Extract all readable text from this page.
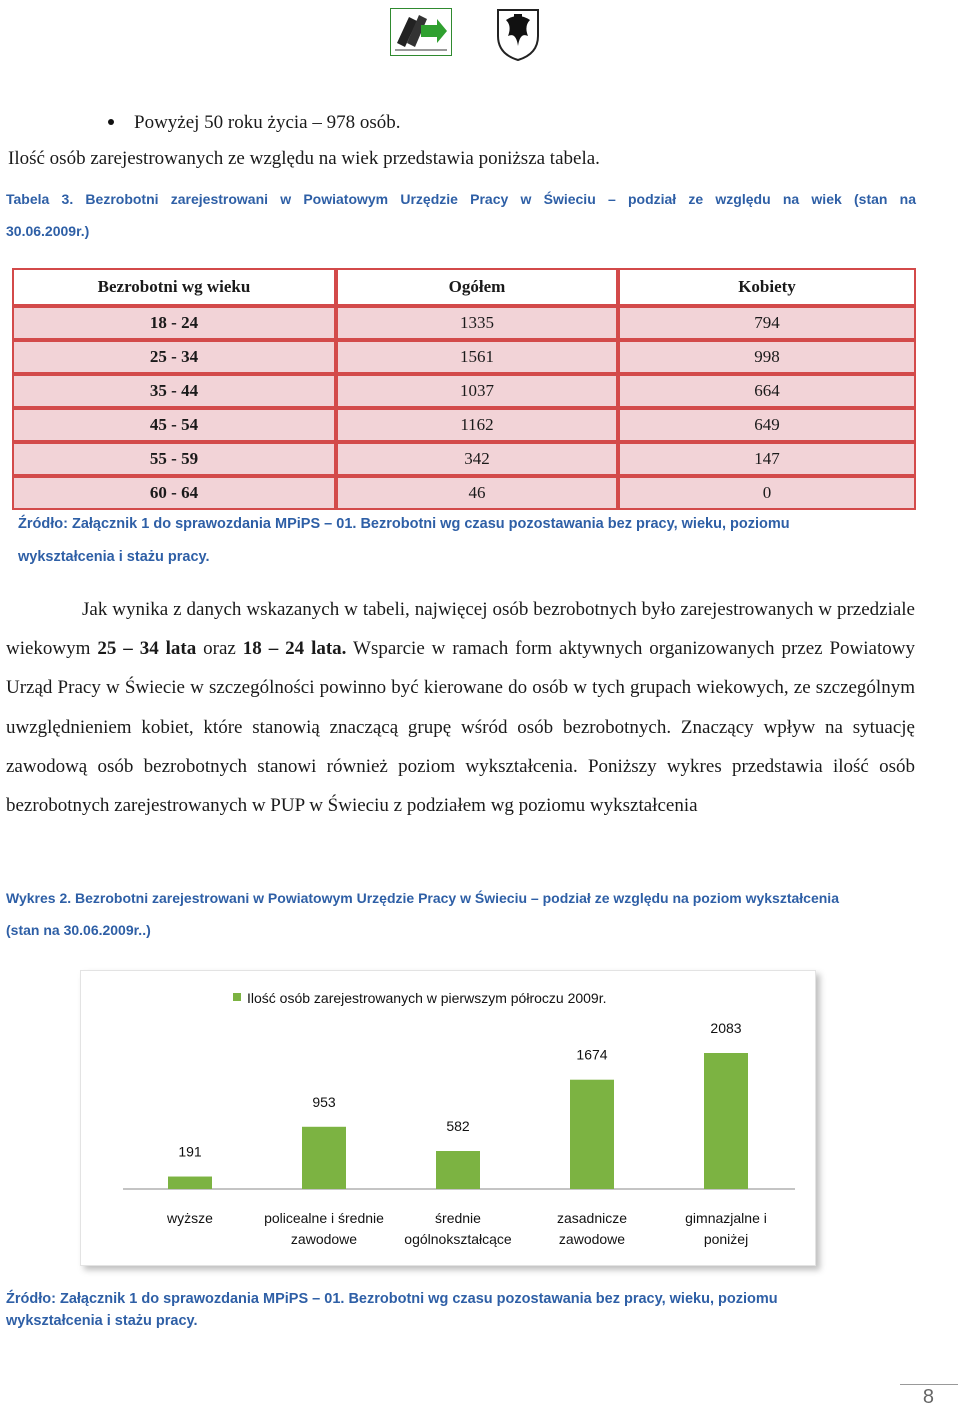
Powyżej 50 roku życia – 978 osób.
Ilość osób zarejestrowanych ze względu na wiek przedstawia poniższa tabela.
Tabela 3. Bezrobotni zarejestrowani w Powiatowym Urzędzie Pracy w Świeciu – podział ze względu na wiek (stan na
30.06.2009r.)
Bezrobotni wg wieku	Ogółem	Kobiety
18 - 24	1335	794
25 - 34	1561	998
35 - 44	1037	664
45 - 54	1162	649
55 - 59	342	147
60 - 64	46	0
Źródło: Załącznik 1 do sprawozdania MPiPS – 01. Bezrobotni wg czasu pozostawania bez pracy, wieku, poziomu
wykształcenia i stażu pracy.
Jak wynika z danych wskazanych w tabeli, najwięcej osób bezrobotnych było zarejestrowanych w przedziale wiekowym 25 – 34 lata oraz 18 – 24 lata. Wsparcie w ramach form aktywnych organizowanych przez Powiatowy Urząd Pracy w Świecie w szczególności powinno być kierowane do osób w tych grupach wiekowych, ze szczególnym uwzględnieniem kobiet, które stanowią znaczącą grupę wśród osób bezrobotnych. Znaczący wpływ na sytuację zawodową osób bezrobotnych stanowi również poziom wykształcenia. Poniższy wykres przedstawia ilość osób bezrobotnych zarejestrowanych w PUP w Świeciu z podziałem wg poziomu wykształcenia
Wykres 2. Bezrobotni zarejestrowani w Powiatowym Urzędzie Pracy w Świeciu – podział ze względu na poziom wykształcenia
(stan na 30.06.2009r..)
Ilość osób zarejestrowanych w pierwszym półroczu 2009r.
191
wyższe
953
policealne i średnie
zawodowe
582
średnie
ogólnokształcące
1674
zasadnicze
zawodowe
2083
gimnazjalne i
poniżej
Źródło: Załącznik 1 do sprawozdania MPiPS – 01. Bezrobotni wg czasu pozostawania bez pracy, wieku, poziomu
wykształcenia i stażu pracy.
8
